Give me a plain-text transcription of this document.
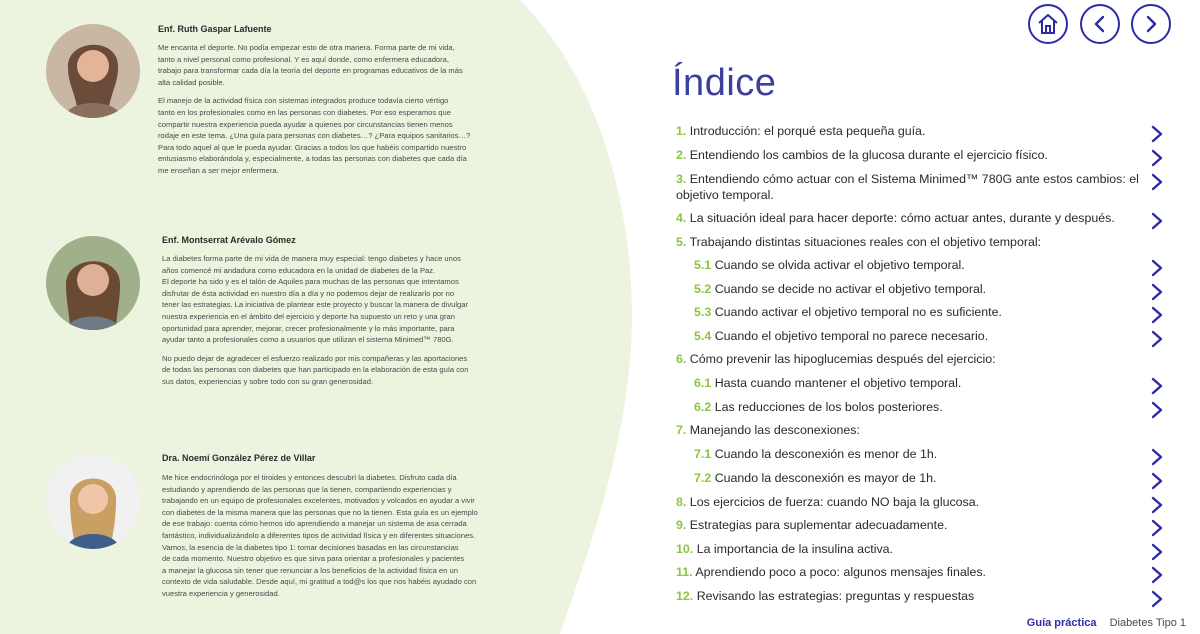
Enf. Ruth Gaspar Lafuente

Me encanta el deporte. No podía empezar esto de otra manera. Forma parte de mi vida,
tanto a nivel personal como profesional. Y es aquí donde, como enfermera educadora,
trabajo para transformar cada día la teoría del deporte en programas educativos de la más
alta calidad posible.

El manejo de la actividad física con sistemas integrados produce todavía cierto vértigo
tanto en los profesionales como en las personas con diabetes. Por eso esperamos que
compartir nuestra experiencia pueda ayudar a quienes por circunstancias tienen menos
rodaje en este tema. ¿Una guía para personas con diabetes…? ¿Para equipos sanitarios…?
Para todo aquel al que le pueda ayudar. Gracias a todos los que habéis compartido nuestro
entusiasmo elaborándola y, especialmente, a todas las personas con diabetes que cada día
me enseñan a ser mejor enfermera.

Enf. Montserrat Arévalo Gómez

La diabetes forma parte de mi vida de manera muy especial: tengo diabetes y hace unos
años comencé mi andadura como educadora en la unidad de diabetes de la Paz.
El deporte ha sido y es el talón de Aquiles para muchas de las personas que intentamos
disfrutar de ésta actividad en nuestro día a día y no podemos dejar de realizarlo por no
tener las estrategias. La iniciativa de plantear este proyecto y buscar la manera de divulgar
nuestra experiencia en el ámbito del ejercicio y deporte ha supuesto un reto y una gran
oportunidad para aprender, mejorar, crecer profesionalmente y lo más importante, para
ayudar tanto a profesionales como a usuarios que utilizan el sistema Minimed™ 780G.

No puedo dejar de agradecer el esfuerzo realizado por mis compañeras y las aportaciones
de todas las personas con diabetes que han participado en la elaboración de esta guía con
sus datos, experiencias y sobre todo con su gran generosidad.

Dra. Noemí González Pérez de Villar

Me hice endocrinóloga por el tiroides y entonces descubrí la diabetes. Disfruto cada día
estudiando y aprendiendo de las personas que la tienen, compartiendo experiencias y
trabajando en un equipo de profesionales excelentes, motivados y volcados en ayudar a vivir
con diabetes de la misma manera que las personas que no la tienen. Esta guía es un ejemplo
de ese trabajo: cuenta cómo hemos ido aprendiendo a manejar un sistema de asa cerrada
fantástico, individualizándolo a diferentes tipos de actividad física y en diferentes situaciones.
Vamos, la esencia de la diabetes tipo 1: tomar decisiones basadas en las circunstancias
de cada momento. Nuestro objetivo es que sirva para orientar a profesionales y pacientes
a manejar la glucosa sin tener que renunciar a los beneficios de la actividad física en un
contexto de vida saludable. Desde aquí, mi gratitud a tod@s los que nos habéis ayudado con
vuestra experiencia y generosidad.

Índice
1. Introducción: el porqué esta pequeña guía.
2. Entendiendo los cambios de la glucosa durante el ejercicio físico.
3. Entendiendo cómo actuar con el Sistema Minimed™ 780G ante estos cambios: el objetivo temporal.
4. La situación ideal para hacer deporte: cómo actuar antes, durante y después.
5. Trabajando distintas situaciones reales con el objetivo temporal:
5.1 Cuando se olvida activar el objetivo temporal.
5.2 Cuando se decide no activar el objetivo temporal.
5.3 Cuando activar el objetivo temporal no es suficiente.
5.4 Cuando el objetivo temporal no parece necesario.
6. Cómo prevenir las hipoglucemias después del ejercicio:
6.1 Hasta cuando mantener el objetivo temporal.
6.2 Las reducciones de los bolos posteriores.
7. Manejando las desconexiones:
7.1 Cuando la desconexión es menor de 1h.
7.2 Cuando la desconexión es mayor de 1h.
8. Los ejercicios de fuerza: cuando NO baja la glucosa.
9. Estrategias para suplementar adecuadamente.
10. La importancia de la insulina activa.
11. Aprendiendo poco a poco: algunos mensajes finales.
12. Revisando las estrategias: preguntas y respuestas
Guía práctica Diabetes Tipo 1
